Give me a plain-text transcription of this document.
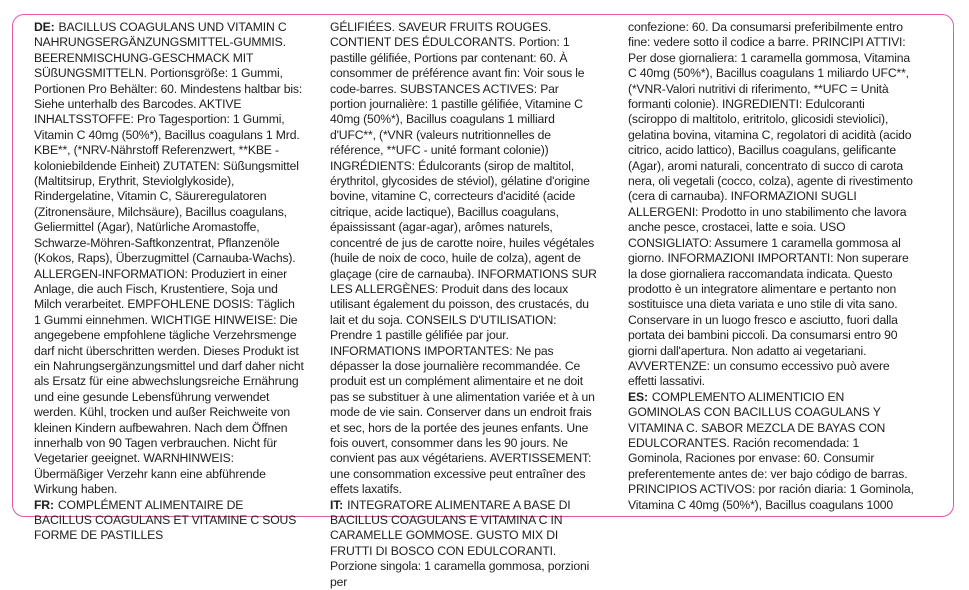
DE: BACILLUS COAGULANS UND VITAMIN C NAHRUNGSERGÄNZUNGSMITTEL-GUMMIS. BEERENMISCHUNG-GESCHMACK MIT SÜßUNGSMITTELN. Portionsgröße: 1 Gummi, Portionen Pro Behälter: 60. Mindestens haltbar bis: Siehe unterhalb des Barcodes. AKTIVE INHALTSSTOFFE: Pro Tagesportion: 1 Gummi, Vitamin C 40mg (50%*), Bacillus coagulans 1 Mrd. KBE**, (*NRV-Nährstoff Referenzwert, **KBE - koloniebildende Einheit) ZUTATEN: Süßungsmittel (Maltitsirup, Erythrit, Steviolglykoside), Rindergelatine, Vitamin C, Säureregulatoren (Zitronensäure, Milchsäure), Bacillus coagulans, Geliermittel (Agar), Natürliche Aromastoffe, Schwarze-Möhren-Saftkonzentrat, Pflanzenöle (Kokos, Raps), Überzugmittel (Carnauba-Wachs). ALLERGEN-INFORMATION: Produziert in einer Anlage, die auch Fisch, Krustentiere, Soja und Milch verarbeitet. EMPFOHLENE DOSIS: Täglich 1 Gummi einnehmen. WICHTIGE HINWEISE: Die angegebene empfohlene tägliche Verzehrsmenge darf nicht überschritten werden. Dieses Produkt ist ein Nahrungsergänzungsmittel und darf daher nicht als Ersatz für eine abwechslungsreiche Ernährung und eine gesunde Lebensführung verwendet werden. Kühl, trocken und außer Reichweite von kleinen Kindern aufbewahren. Nach dem Öffnen innerhalb von 90 Tagen verbrauchen. Nicht für Vegetarier geeignet. WARNHINWEIS: Übermäßiger Verzehr kann eine abführende Wirkung haben.
FR: COMPLÉMENT ALIMENTAIRE DE BACILLUS COAGULANS ET VITAMINE C SOUS FORME DE PASTILLES
GÉLIFIÉES. SAVEUR FRUITS ROUGES. CONTIENT DES ÉDULCORANTS. Portion: 1 pastille gélifiée, Portions par contenant: 60. À consommer de préférence avant fin: Voir sous le code-barres. SUBSTANCES ACTIVES: Par portion journalière: 1 pastille gélifiée, Vitamine C 40mg (50%*), Bacillus coagulans 1 milliard d'UFC**, (*VNR (valeurs nutritionnelles de référence, **UFC - unité formant colonie)) INGRÉDIENTS: Édulcorants (sirop de maltitol, érythritol, glycosides de stéviol), gélatine d'origine bovine, vitamine C, correcteurs d'acidité (acide citrique, acide lactique), Bacillus coagulans, épaississant (agar-agar), arômes naturels, concentré de jus de carotte noire, huiles végétales (huile de noix de coco, huile de colza), agent de glaçage (cire de carnauba). INFORMATIONS SUR LES ALLERGÈNES: Produit dans des locaux utilisant également du poisson, des crustacés, du lait et du soja. CONSEILS D'UTILISATION: Prendre 1 pastille gélifiée par jour. INFORMATIONS IMPORTANTES: Ne pas dépasser la dose journalière recommandée. Ce produit est un complément alimentaire et ne doit pas se substituer à une alimentation variée et à un mode de vie sain. Conserver dans un endroit frais et sec, hors de la portée des jeunes enfants. Une fois ouvert, consommer dans les 90 jours. Ne convient pas aux végétariens. AVERTISSEMENT: une consommation excessive peut entraîner des effets laxatifs.
IT: INTEGRATORE ALIMENTARE A BASE DI BACILLUS COAGULANS E VITAMINA C IN CARAMELLE GOMMOSE. GUSTO MIX DI FRUTTI DI BOSCO CON EDULCORANTI. Porzione singola: 1 caramella gommosa, porzioni per
confezione: 60. Da consumarsi preferibilmente entro fine: vedere sotto il codice a barre. PRINCIPI ATTIVI: Per dose giornaliera: 1 caramella gommosa, Vitamina C 40mg (50%*), Bacillus coagulans 1 miliardo UFC**, (*VNR-Valori nutritivi di riferimento, **UFC = Unità formanti colonie). INGREDIENTI: Edulcoranti (sciroppo di maltitolo, eritritolo, glicosidi steviolici), gelatina bovina, vitamina C, regolatori di acidità (acido citrico, acido lattico), Bacillus coagulans, gelificante (Agar), aromi naturali, concentrato di succo di carota nera, oli vegetali (cocco, colza), agente di rivestimento (cera di carnauba). INFORMAZIONI SUGLI ALLERGENI: Prodotto in uno stabilimento che lavora anche pesce, crostacei, latte e soia. USO CONSIGLIATO: Assumere 1 caramella gommosa al giorno. INFORMAZIONI IMPORTANTI: Non superare la dose giornaliera raccomandata indicata. Questo prodotto è un integratore alimentare e pertanto non sostituisce una dieta variata e uno stile di vita sano. Conservare in un luogo fresco e asciutto, fuori dalla portata dei bambini piccoli. Da consumarsi entro 90 giorni dall'apertura. Non adatto ai vegetariani. AVVERTENZE: un consumo eccessivo può avere effetti lassativi.
ES: COMPLEMENTO ALIMENTICIO EN GOMINOLAS CON BACILLUS COAGULANS Y VITAMINA C. SABOR MEZCLA DE BAYAS CON EDULCORANTES. Ración recomendada: 1 Gominola, Raciones por envase: 60. Consumir preferentemente antes de: ver bajo código de barras. PRINCIPIOS ACTIVOS: por ración diaria: 1 Gominola, Vitamina C 40mg (50%*), Bacillus coagulans 1000
